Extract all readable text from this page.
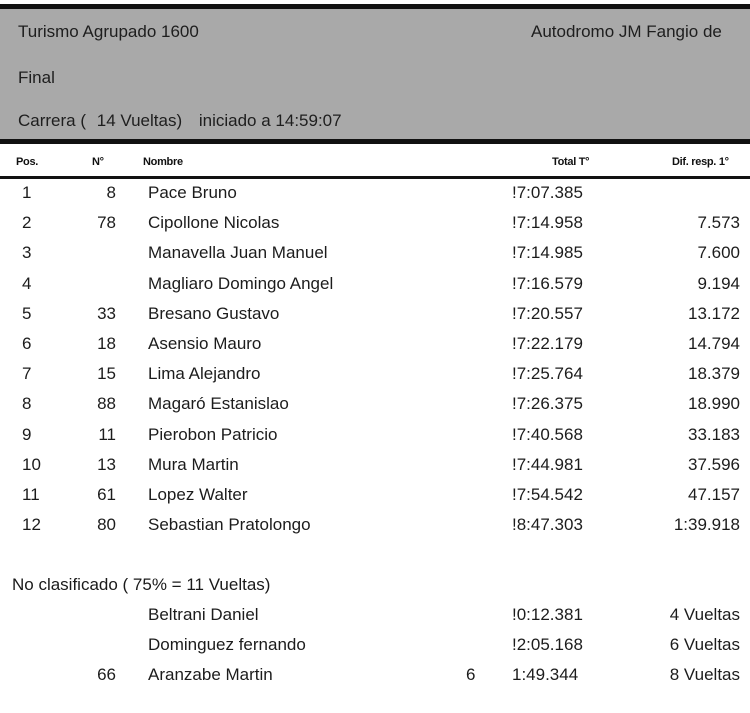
Turismo Agrupado 1600	Autodromo JM Fangio de
Final
Carrera ( 14 Vueltas) iniciado a 14:59:07
Pos.	N°	Nombre	Total T°	Dif. resp. 1°
1	8 Pace Bruno	!7:07.385
2	78 Cipollone Nicolas	!7:14.958	7.573
3	Manavella Juan Manuel	!7:14.985	7.600
4	Magliaro Domingo Angel	!7:16.579	9.194
5	33 Bresano Gustavo	!7:20.557	13.172
6	18 Asensio Mauro	!7:22.179	14.794
7	15 Lima Alejandro	!7:25.764	18.379
8	88 Magaró Estanislao	!7:26.375	18.990
9	11 Pierobon Patricio	!7:40.568	33.183
10	13 Mura Martin	!7:44.981	37.596
11	61 Lopez Walter	!7:54.542	47.157
12	80 Sebastian Pratolongo	!8:47.303	1:39.918
No clasificado ( 75% = 11 Vueltas)
Beltrani Daniel	!0:12.381	4 Vueltas
Dominguez fernando	!2:05.168	6 Vueltas
66 Aranzabe Martin	6 1:49.344	8 Vueltas
